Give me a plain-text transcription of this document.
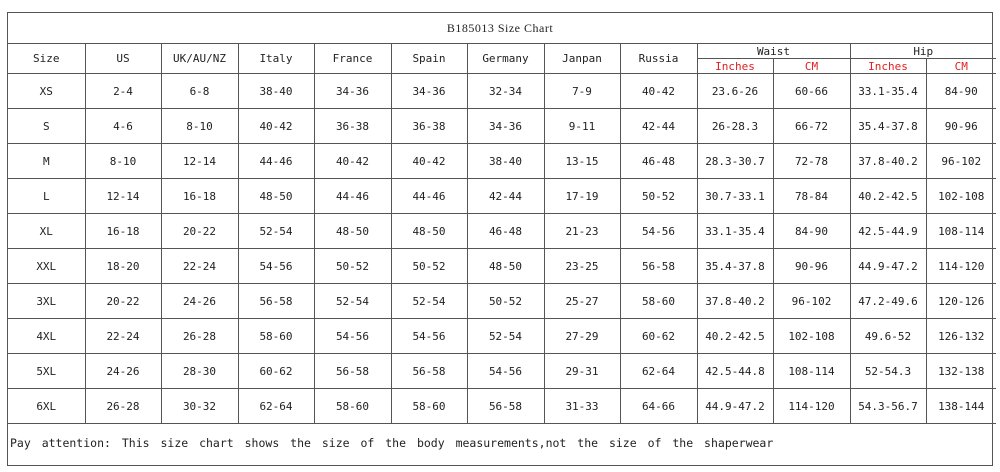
B185013 Size Chart
Size	US	UK/AU/NZ	Italy	France	Spain	Germany	Janpan	Russia	Waist		Hip	
									Inches	CM	Inches	CM
XS	2-4	6-8	38-40	34-36	34-36	32-34	7-9	40-42	23.6-26	60-66	33.1-35.4	84-90
S	4-6	8-10	40-42	36-38	36-38	34-36	9-11	42-44	26-28.3	66-72	35.4-37.8	90-96
M	8-10	12-14	44-46	40-42	40-42	38-40	13-15	46-48	28.3-30.7	72-78	37.8-40.2	96-102
L	12-14	16-18	48-50	44-46	44-46	42-44	17-19	50-52	30.7-33.1	78-84	40.2-42.5	102-108
XL	16-18	20-22	52-54	48-50	48-50	46-48	21-23	54-56	33.1-35.4	84-90	42.5-44.9	108-114
XXL	18-20	22-24	54-56	50-52	50-52	48-50	23-25	56-58	35.4-37.8	90-96	44.9-47.2	114-120
3XL	20-22	24-26	56-58	52-54	52-54	50-52	25-27	58-60	37.8-40.2	96-102	47.2-49.6	120-126
4XL	22-24	26-28	58-60	54-56	54-56	52-54	27-29	60-62	40.2-42.5	102-108	49.6-52	126-132
5XL	24-26	28-30	60-62	56-58	56-58	54-56	29-31	62-64	42.5-44.8	108-114	52-54.3	132-138
6XL	26-28	30-32	62-64	58-60	58-60	56-58	31-33	64-66	44.9-47.2	114-120	54.3-56.7	138-144
Pay attention: This size chart shows the size of the body measurements,not the size of the shaperwear
